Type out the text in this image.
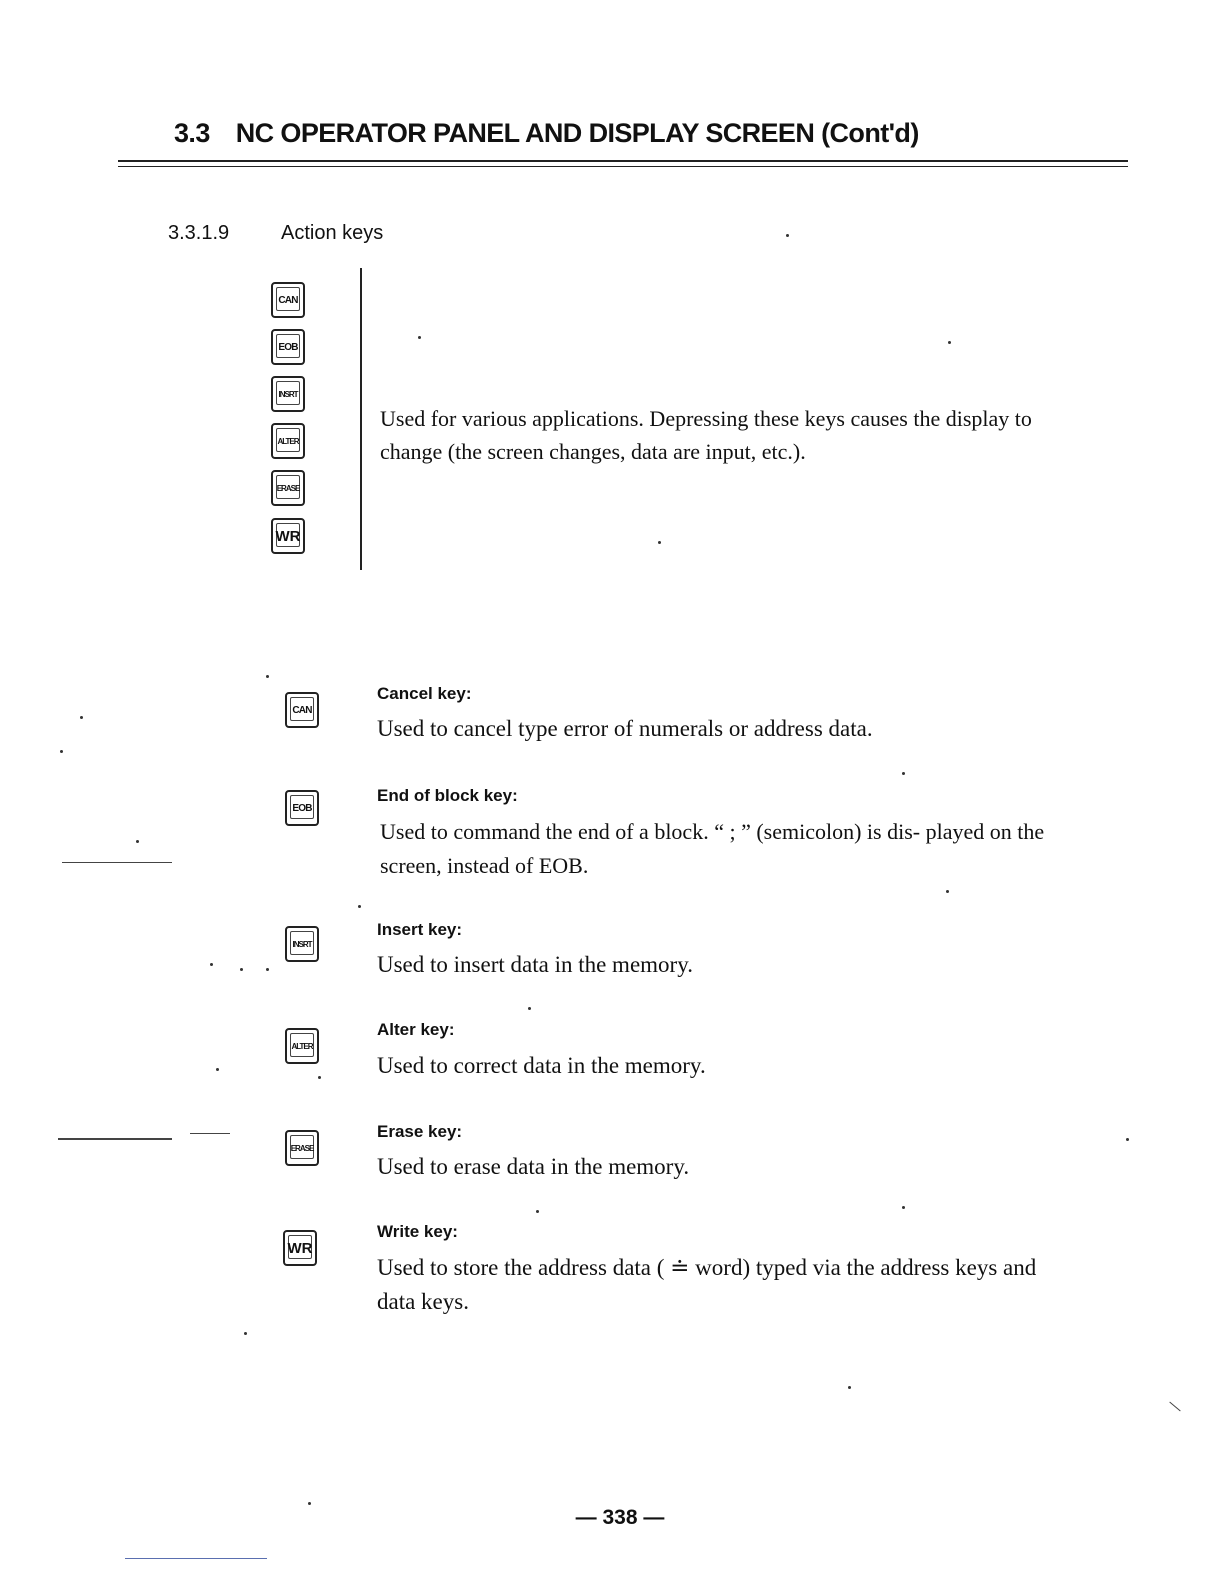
3.3 NC OPERATOR PANEL AND DISPLAY SCREEN (Cont'd)
3.3.1.9	Action keys
CAN
EOB
INSRT
ALTER
ERASE
WR
Used for various applications. Depressing these keys causes the display to change (the screen changes, data are input, etc.).
CAN
Cancel key:
Used to cancel type error of numerals or address data.
EOB
End of block key:
Used to command the end of a block. “ ; ” (semicolon) is dis- played on the screen, instead of EOB.
INSRT
Insert key:
Used to insert data in the memory.
ALTER
Alter key:
Used to correct data in the memory.
ERASE
Erase key:
Used to erase data in the memory.
WR
Write key:
Used to store the address data ( ≐ word) typed via the address keys and data keys.
— 338 —
